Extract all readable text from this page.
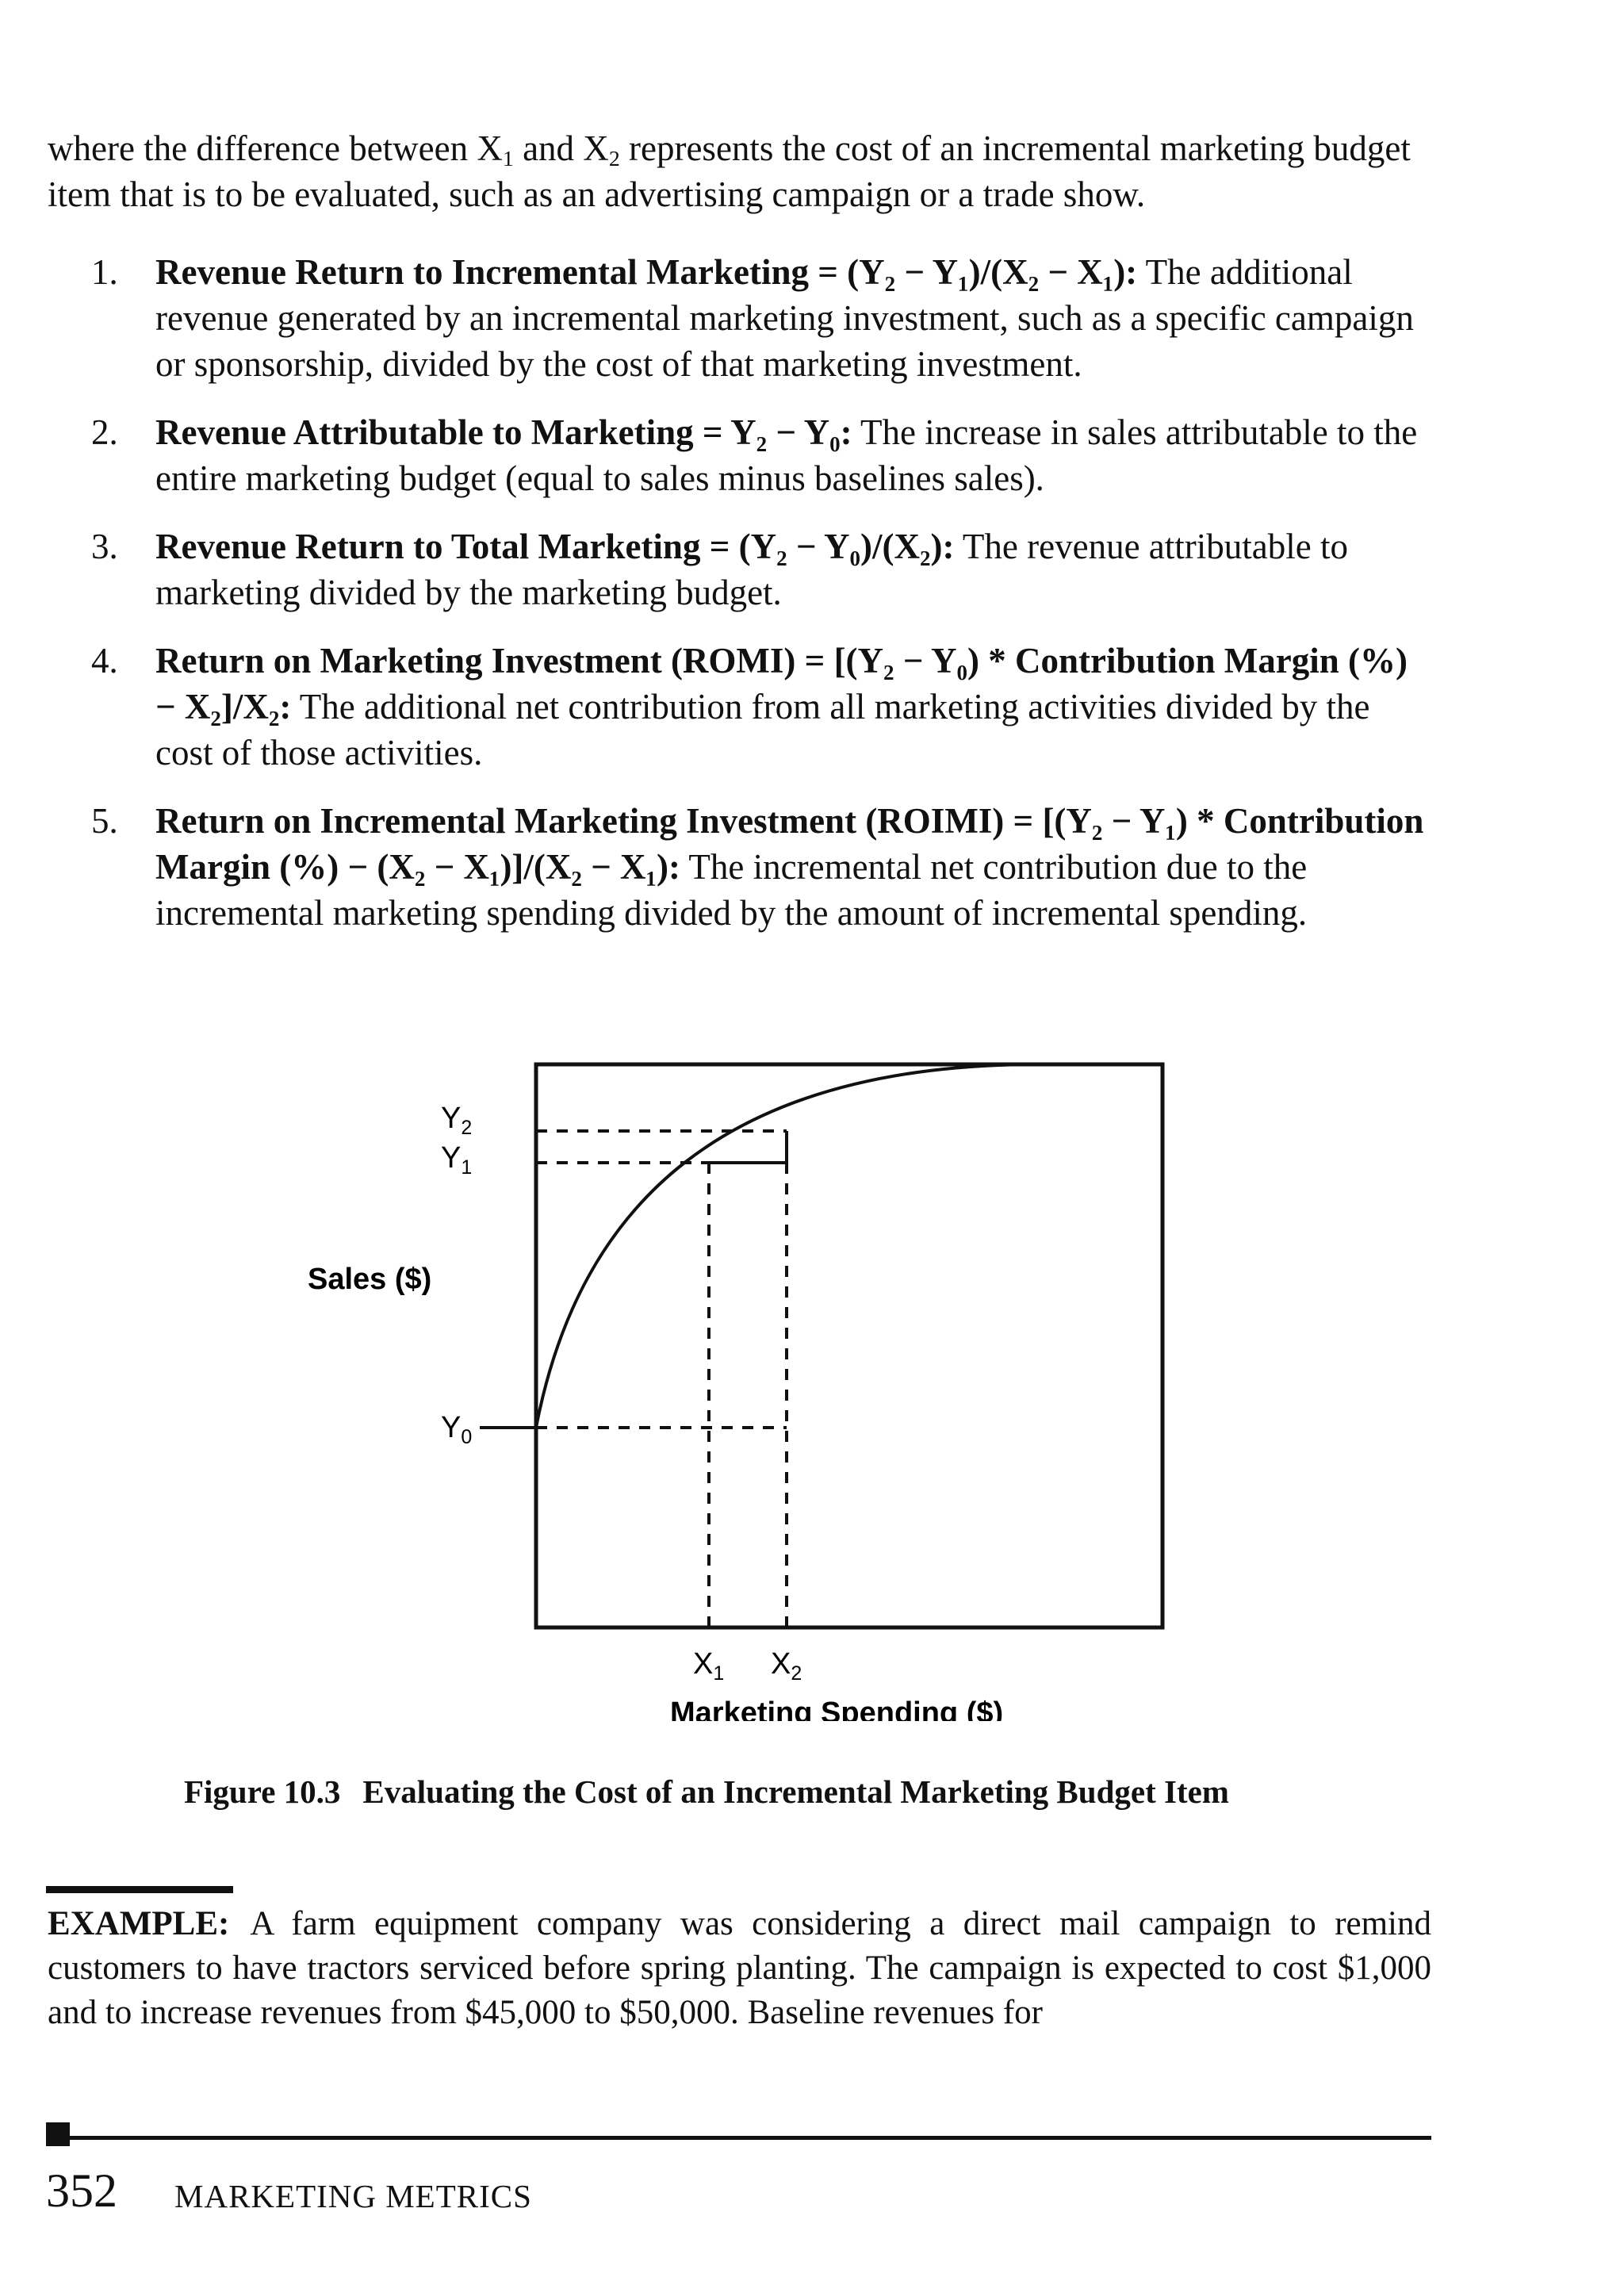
where the difference between $X_1$ and $X_2$ represents the cost of an incremental marketing budget item that is to be evaluated, such as an advertising campaign or a trade show.

1. Revenue Return to Incremental Marketing = (Y₂ − Y₁)/(X₂ − X₁): The additional revenue generated by an incremental marketing investment, such as a specific campaign or sponsorship, divided by the cost of that marketing investment.
2. Revenue Attributable to Marketing = Y₂ − Y₀: The increase in sales attributable to the entire marketing budget (equal to sales minus baselines sales).
3. Revenue Return to Total Marketing = (Y₂ − Y₀)/(X₂): The revenue attributable to marketing divided by the marketing budget.
4. Return on Marketing Investment (ROMI) = [(Y₂ − Y₀) * Contribution Margin (%) − X₂]/X₂: The additional net contribution from all marketing activities divided by the cost of those activities.
5. Return on Incremental Marketing Investment (ROIMI) = [(Y₂ − Y₁) * Contribution Margin (%) − (X₂ − X₁)]/(X₂ − X₁): The incremental net contribution due to the incremental marketing spending divided by the amount of incremental spending.
$Y_2$
$Y_1$
$Y_0$
$X_1$ $X_2$
Sales ($)
Marketing Spending ($)
Figure 10.3 Evaluating the Cost of an Incremental Marketing Budget Item
EXAMPLE: A farm equipment company was considering a direct mail campaign to remind customers to have tractors serviced before spring planting. The campaign is expected to cost $1,000 and to increase revenues from $45,000 to $50,000. Baseline revenues for
352 MARKETING METRICS
